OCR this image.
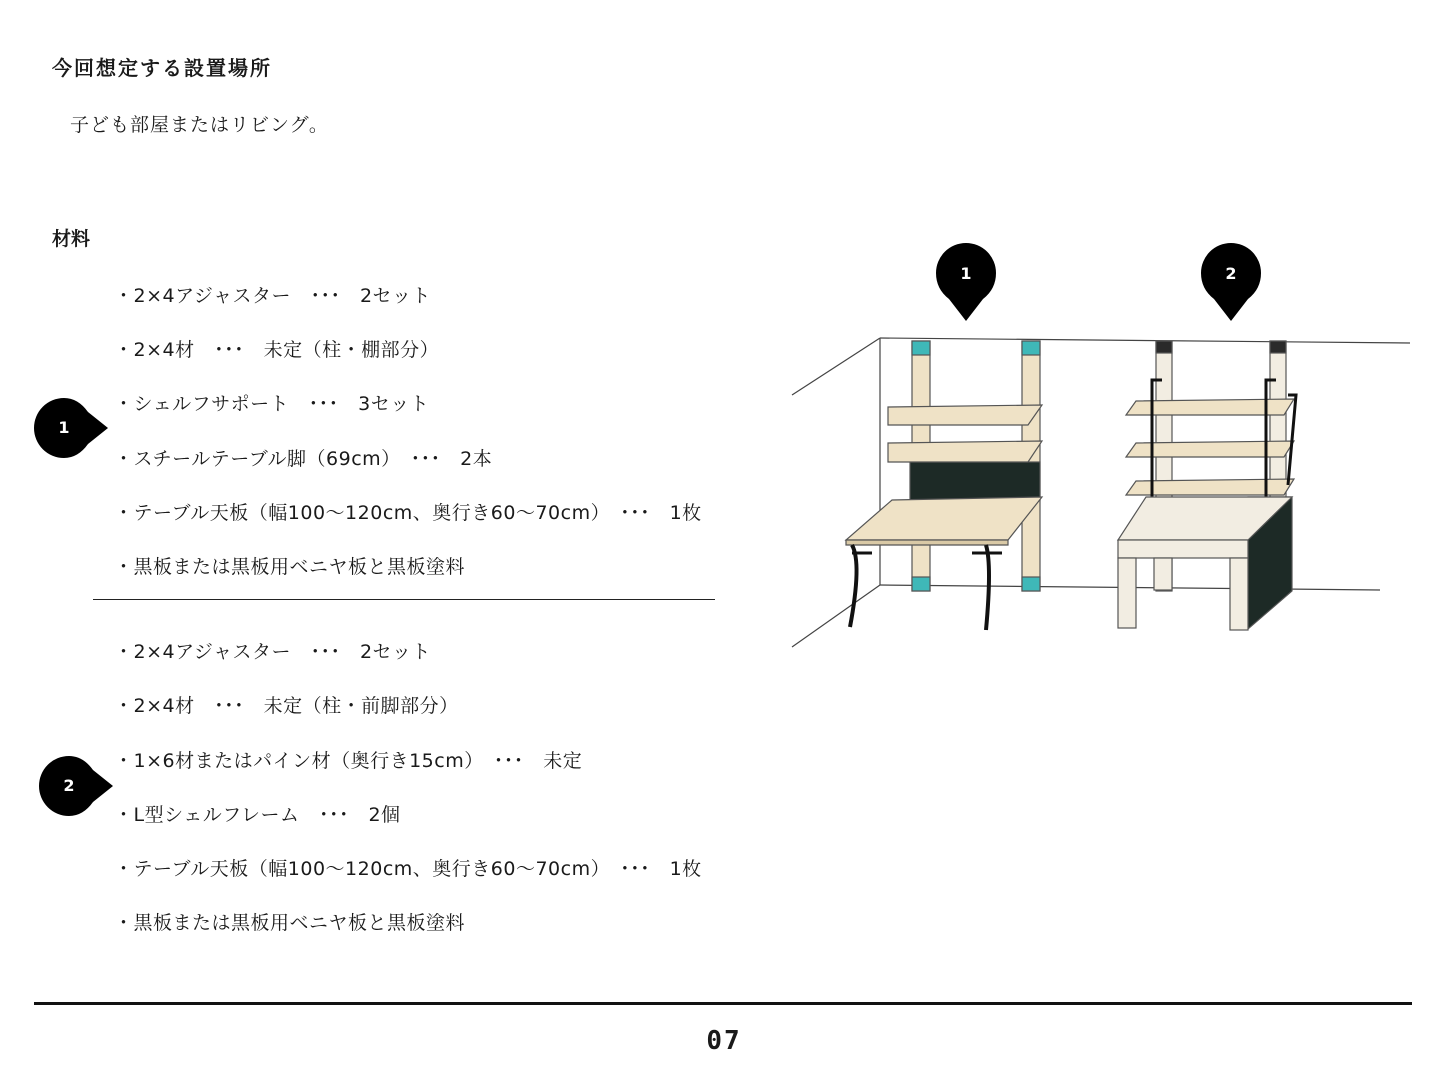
今回想定する設置場所
子ども部屋またはリビング。
材料
・2×4アジャスター　･･･　2セット
・2×4材　･･･　未定（柱・棚部分）
・シェルフサポート　･･･　3セット
・スチールテーブル脚（69cm）　･･･　2本
・テーブル天板（幅100〜120cm、奥行き60〜70cm）　･･･　1枚
・黒板または黒板用ベニヤ板と黒板塗料
・2×4アジャスター　･･･　2セット
・2×4材　･･･　未定（柱・前脚部分）
・1×6材またはパイン材（奥行き15cm）　･･･　未定
・L型シェルフレーム　･･･　2個
・テーブル天板（幅100〜120cm、奥行き60〜70cm）　･･･　1枚
・黒板または黒板用ベニヤ板と黒板塗料
1
2
1	2
07
